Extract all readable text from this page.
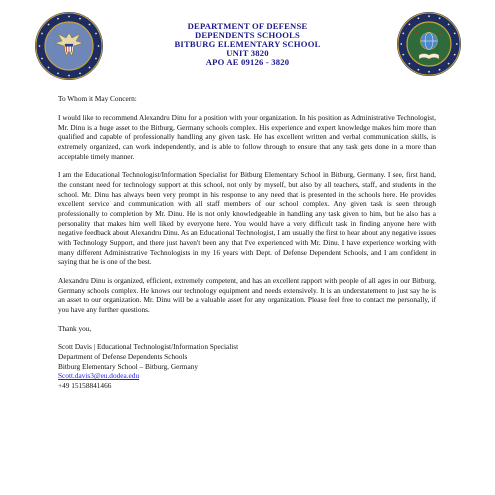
DEPARTMENT OF DEFENSE
DEPENDENTS SCHOOLS
BITBURG ELEMENTARY SCHOOL
UNIT 3820
APO AE 09126 - 3820

To Whom it May Concern:

I would like to recommend Alexandru Dinu for a position with your organization. In his position as Administrative Technologist, Mr. Dinu is a huge asset to the Bitburg, Germany schools complex. His experience and expert knowledge makes him more than qualified and capable of professionally handling any given task. He has excellent written and verbal communication skills, is extremely organized, can work independently, and is able to follow through to ensure that any task gets done in a more than acceptable timely manner.

I am the Educational Technologist/Information Specialist for Bitburg Elementary School in Bitburg, Germany. I see, first hand, the constant need for technology support at this school, not only by myself, but also by all teachers, staff, and students in the school. Mr. Dinu has always been very prompt in his response to any need that is presented in the schools here. He provides excellent service and communication with all staff members of our school complex. Any given task is seen through professionally to completion by Mr. Dinu. He is not only knowledgeable in handling any task given to him, but he also has a personality that makes him well liked by everyone here. You would have a very difficult task in finding anyone here with negative feedback about Alexandru Dinu. As an Educational Technologist, I am usually the first to hear about any negative issues with Technology Support, and there just haven't been any that I've experienced with Mr. Dinu. I have experience working with many different Administrative Technologists in my 16 years with Dept. of Defense Dependent Schools, and I am confident in saying that he is one of the best.

Alexandru Dinu is organized, efficient, extremely competent, and has an excellent rapport with people of all ages in our Bitburg, Germany schools complex. He knows our technology equipment and needs extensively. It is an understatement to just say he is an asset to our organization. Mr. Dinu will be a valuable asset for any organization. Please feel free to contact me personally, if you have any further questions.

Thank you,

Scott Davis | Educational Technologist/Information Specialist
Department of Defense Dependents Schools
Bitburg Elementary School – Bitburg, Germany
Scott.davis3@eu.dodea.edu
+49 15158841466
